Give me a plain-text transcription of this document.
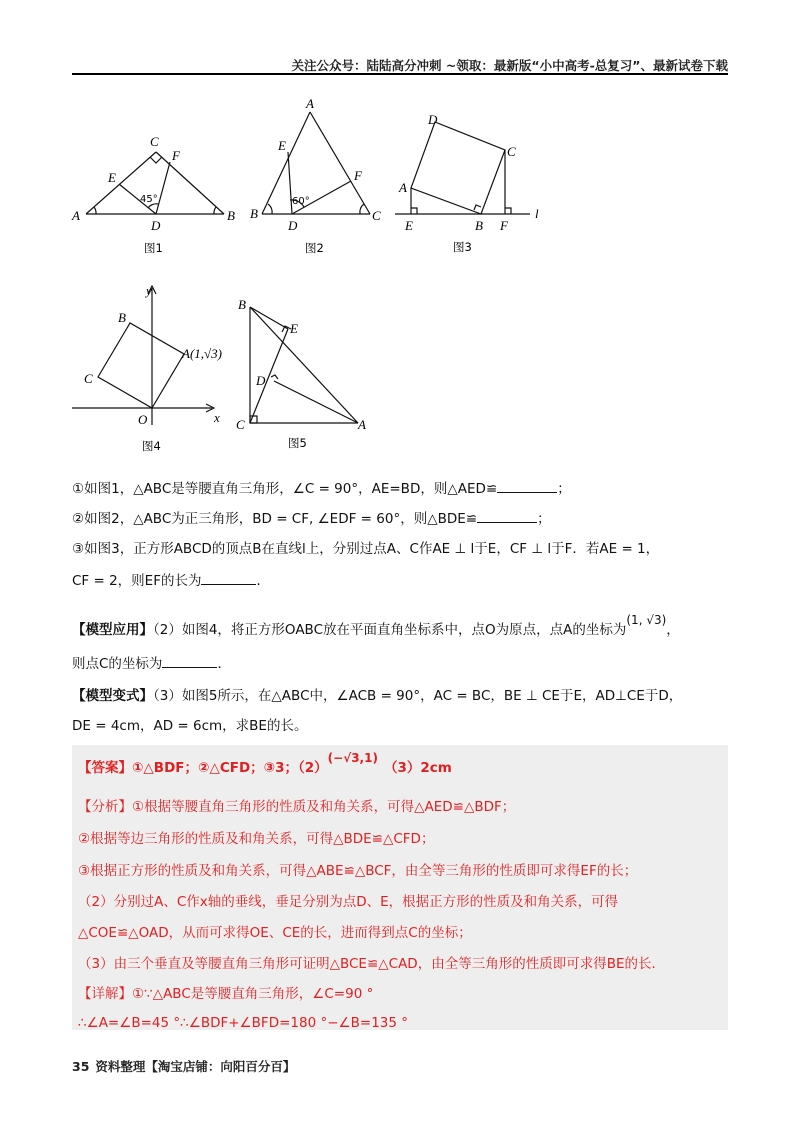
关注公众号：陆陆高分冲刺 ~领取：最新版“小中高考-总复习”、最新试卷下载
A	B
C
D
E
F
45°
图1
A
B	C
D
E
F
60°
图2
D
C
A
B
E	F
l
图3
y
x
O
A(1,√3)
B
C
图4
B
E
D
C	A
图5
①如图1，△ABC是等腰直角三角形，∠C = 90°，AE=BD，则△AED≌	；
②如图2，△ABC为正三角形，BD = CF, ∠EDF = 60°，则△BDE≌	；
③如图3，正方形ABCD的顶点B在直线l上，分别过点A、C作AE ⊥ l于E，CF ⊥ l于F．若AE = 1，
CF = 2，则EF的长为	．
【模型应用】（2）如图4，将正方形OABC放在平面直角坐标系中，点O为原点，点A的坐标为(1, √3)，
则点C的坐标为	．
【模型变式】（3）如图5所示，在△ABC中，∠ACB = 90°，AC = BC，BE ⊥ CE于E，AD⊥CE于D，
DE = 4cm，AD = 6cm，求BE的长。
【答案】①△BDF；②△CFD；③3；（2）(−√3,1)（3）2cm
【分析】①根据等腰直角三角形的性质及和角关系，可得△AED≌△BDF；
②根据等边三角形的性质及和角关系，可得△BDE≌△CFD；
③根据正方形的性质及和角关系，可得△ABE≌△BCF，由全等三角形的性质即可求得EF的长；
（2）分别过A、C作x轴的垂线，垂足分别为点D、E，根据正方形的性质及和角关系，可得
△COE≌△OAD，从而可求得OE、CE的长，进而得到点C的坐标；
（3）由三个垂直及等腰直角三角形可证明△BCE≌△CAD，由全等三角形的性质即可求得BE的长．
【详解】①∵△ABC是等腰直角三角形，∠C=90 °
∴∠A=∠B=45 °∴∠BDF+∠BFD=180 °−∠B=135 °
35 资料整理【淘宝店铺：向阳百分百】
